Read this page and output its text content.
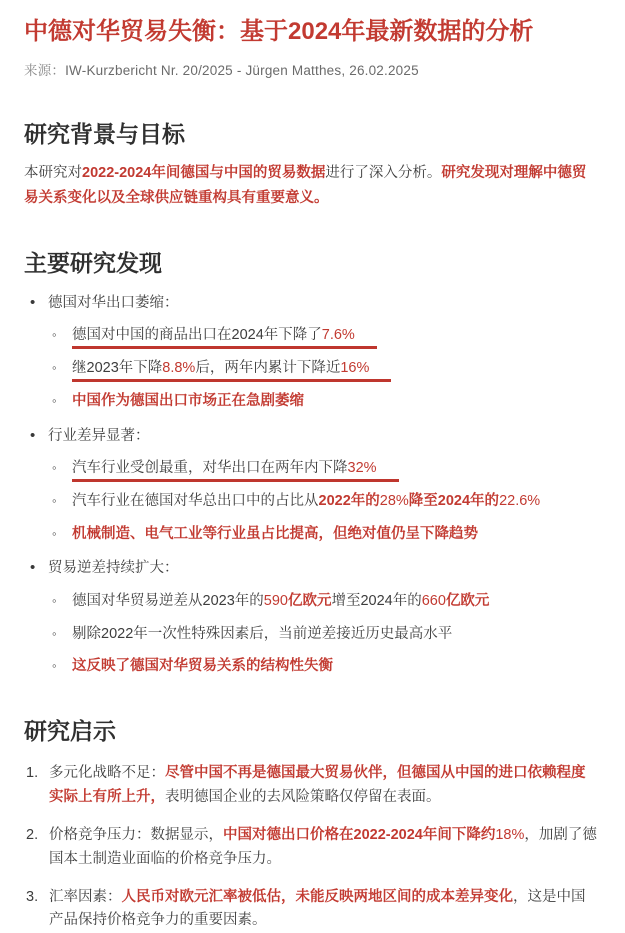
中德对华贸易失衡：基于2024年最新数据的分析
来源：IW-Kurzbericht Nr. 20/2025 - Jürgen Matthes, 26.02.2025
研究背景与目标

本研究对2022-2024年间德国与中国的贸易数据进行了深入分析。研究发现对理解中德贸易关系变化以及全球供应链重构具有重要意义。

主要研究发现
• 德国对华出口萎缩：
◦ 德国对中国的商品出口在2024年下降了7.6%
◦ 继2023年下降8.8%后，两年内累计下降近16%
◦ 中国作为德国出口市场正在急剧萎缩
• 行业差异显著：
◦ 汽车行业受创最重，对华出口在两年内下降32%
◦ 汽车行业在德国对华总出口中的占比从2022年的28%降至2024年的22.6%
◦ 机械制造、电气工业等行业虽占比提高，但绝对值仍呈下降趋势
• 贸易逆差持续扩大：
◦ 德国对华贸易逆差从2023年的590亿欧元增至2024年的660亿欧元
◦ 剔除2022年一次性特殊因素后，当前逆差接近历史最高水平
◦ 这反映了德国对华贸易关系的结构性失衡
研究启示
多元化战略不足：尽管中国不再是德国最大贸易伙伴，但德国从中国的进口依赖程度实际上有所上升，表明德国企业的去风险策略仅停留在表面。
价格竞争压力：数据显示，中国对德出口价格在2022-2024年间下降约18%，加剧了德国本土制造业面临的价格竞争压力。
汇率因素：人民币对欧元汇率被低估，未能反映两地区间的成本差异变化，这是中国产品保持价格竞争力的重要因素。
